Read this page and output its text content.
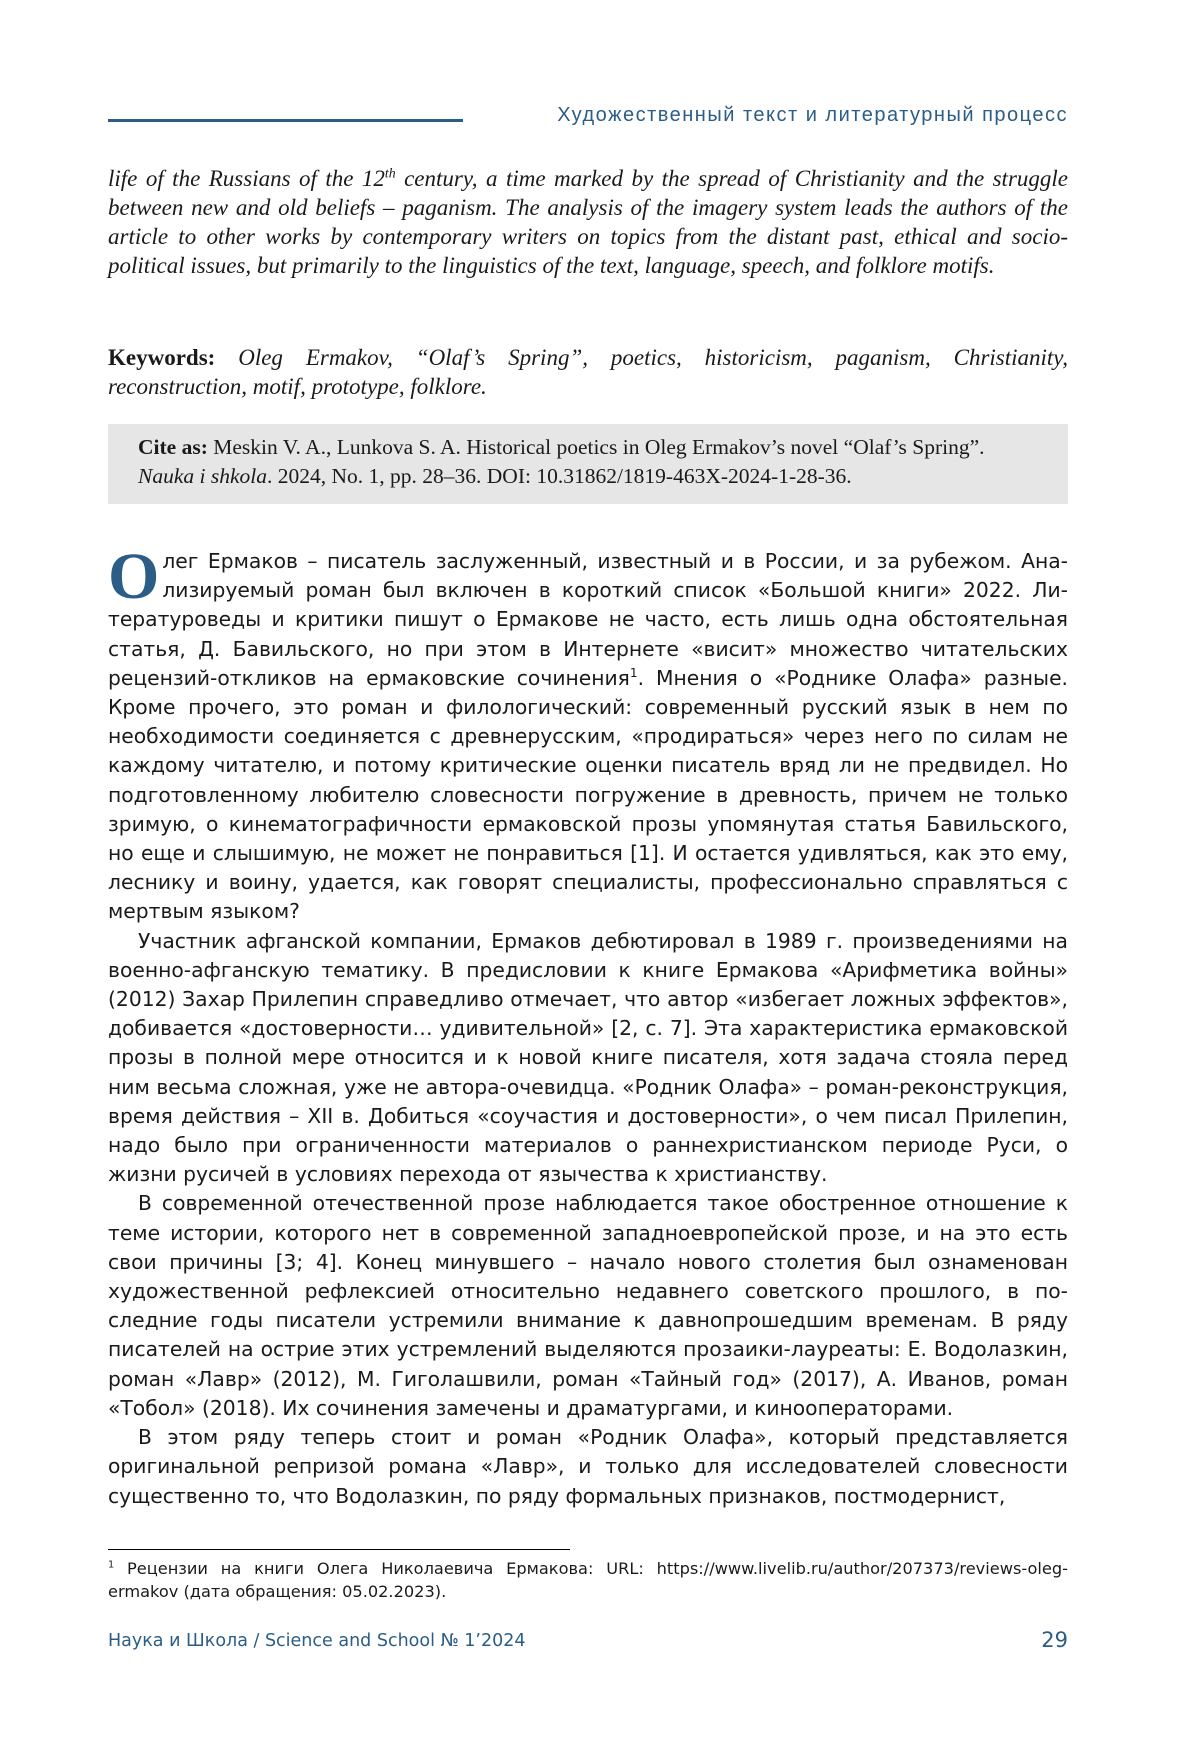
Художественный текст и литературный процесс
life of the Russians of the 12th century, a time marked by the spread of Christianity and the struggle between new and old beliefs – paganism. The analysis of the imagery system leads the authors of the article to other works by contemporary writers on topics from the distant past, ethical and socio-political issues, but primarily to the linguistics of the text, language, speech, and folklore motifs.
Keywords: Oleg Ermakov, “Olaf’s Spring”, poetics, historicism, paganism, Christianity, reconstruction, motif, prototype, folklore.
Cite as: Meskin V. A., Lunkova S. A. Historical poetics in Oleg Ermakov’s novel “Olaf’s Spring”. Nauka i shkola. 2024, No. 1, pp. 28–36. DOI: 10.31862/1819-463X-2024-1-28-36.

Олег Ермаков – писатель заслуженный, известный и в России, и за рубежом. Анализируемый роман был включен в короткий список «Большой книги» 2022. Литературоведы и критики пишут о Ермакове не часто, есть лишь одна обстоятельная статья, Д. Бавильского, но при этом в Интернете «висит» множество читательских рецензий-откликов на ермаковские сочинения$^1$. Мнения о «Роднике Олафа» разные. Кроме прочего, это роман и филологический: современный русский язык в нем по необходимости соединяется с древнерусским, «продираться» через него по силам не каждому читателю, и потому критические оценки писатель вряд ли не предвидел. Но подготовленному любителю словесности погружение в древность, причем не только зримую, о кинематографичности ермаковской прозы упомянутая статья Бавильского, но еще и слышимую, не может не понравиться [1]. И остается удивляться, как это ему, леснику и воину, удается, как говорят специалисты, профессионально справляться с мертвым языком?

Участник афганской компании, Ермаков дебютировал в 1989 г. произведениями на военно-афганскую тематику. В предисловии к книге Ермакова «Арифметика войны» (2012) Захар Прилепин справедливо отмечает, что автор «избегает ложных эффектов», добивается «достоверности… удивительной» [2, с. 7]. Эта характеристика ермаковской прозы в полной мере относится и к новой книге писателя, хотя задача стояла перед ним весьма сложная, уже не автора-очевидца. «Родник Олафа» – роман-реконструкция, время действия – XII в. Добиться «соучастия и достоверности», о чем писал Прилепин, надо было при ограниченности материалов о раннехристианском периоде Руси, о жизни русичей в условиях перехода от язычества к христианству.

В современной отечественной прозе наблюдается такое обостренное отношение к теме истории, которого нет в современной западноевропейской прозе, и на это есть свои причины [3; 4]. Конец минувшего – начало нового столетия был ознаменован художественной рефлексией относительно недавнего советского прошлого, в последние годы писатели устремили внимание к давнопрошедшим временам. В ряду писателей на острие этих устремлений выделяются прозаики-лауреаты: Е. Водолазкин, роман «Лавр» (2012), М. Гиголашвили, роман «Тайный год» (2017), А. Иванов, роман «Тобол» (2018). Их сочинения замечены и драматургами, и кинооператорами.

В этом ряду теперь стоит и роман «Родник Олафа», который представляется оригинальной репризой романа «Лавр», и только для исследователей словесности существенно то, что Водолазкин, по ряду формальных признаков, постмодернист,

$^1$ Рецензии на книги Олега Николаевича Ермакова: URL: https://www.livelib.ru/author/207373/reviews-oleg-ermakov (дата обращения: 05.02.2023).
Наука и Школа / Science and School № 1’2024	29
